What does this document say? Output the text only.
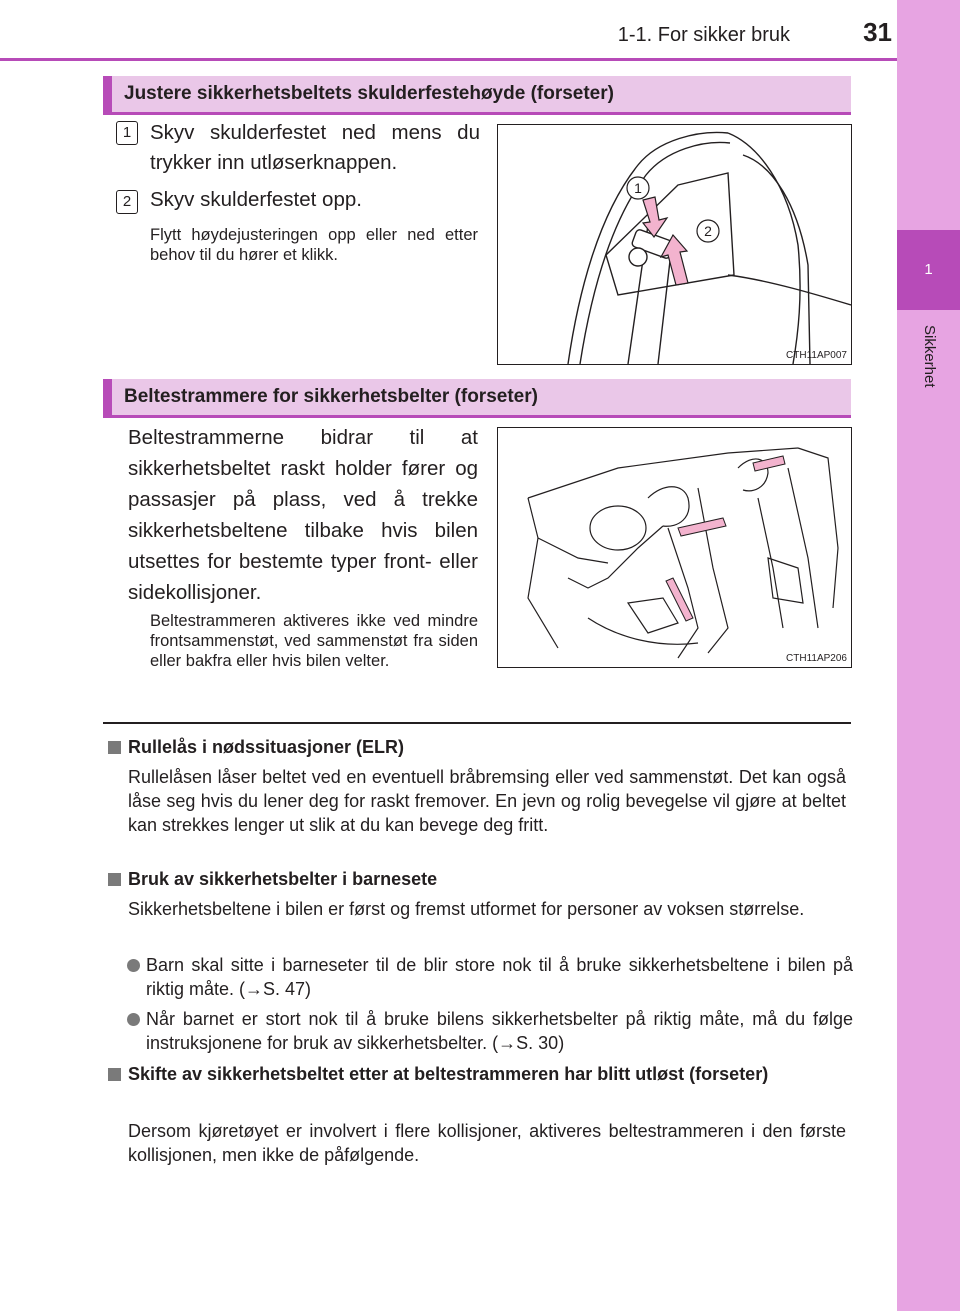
1-1. For sikker bruk	31
1
Sikkerhet
Justere sikkerhetsbeltets skulderfestehøyde (forseter)
1 Skyv skulderfestet ned mens du trykker inn utløserknappen.
2 Skyv skulderfestet opp.
Flytt høydejusteringen opp eller ned etter behov til du hører et klikk.
1
2
CTH11AP007
Beltestrammere for sikkerhetsbelter (forseter)
Beltestrammerne bidrar til at sikkerhetsbeltet raskt holder fører og passasjer på plass, ved å trekke sikkerhetsbeltene tilbake hvis bilen utsettes for bestemte typer front- eller sidekollisjoner.
Beltestrammeren aktiveres ikke ved mindre frontsammenstøt, ved sammenstøt fra siden eller bakfra eller hvis bilen velter.	CTH11AP206
Rullelås i nødssituasjoner (ELR)
Rullelåsen låser beltet ved en eventuell bråbremsing eller ved sammenstøt. Det kan også låse seg hvis du lener deg for raskt fremover. En jevn og rolig bevegelse vil gjøre at beltet kan strekkes lenger ut slik at du kan bevege deg fritt.
Bruk av sikkerhetsbelter i barnesete
Sikkerhetsbeltene i bilen er først og fremst utformet for personer av voksen størrelse.
Barn skal sitte i barneseter til de blir store nok til å bruke sikkerhetsbeltene i bilen på riktig måte. (→S. 47)
Når barnet er stort nok til å bruke bilens sikkerhetsbelter på riktig måte, må du følge instruksjonene for bruk av sikkerhetsbelter. (→S. 30)
Skifte av sikkerhetsbeltet etter at beltestrammeren har blitt utløst (forseter)
Dersom kjøretøyet er involvert i flere kollisjoner, aktiveres beltestrammeren i den første kollisjonen, men ikke de påfølgende.
